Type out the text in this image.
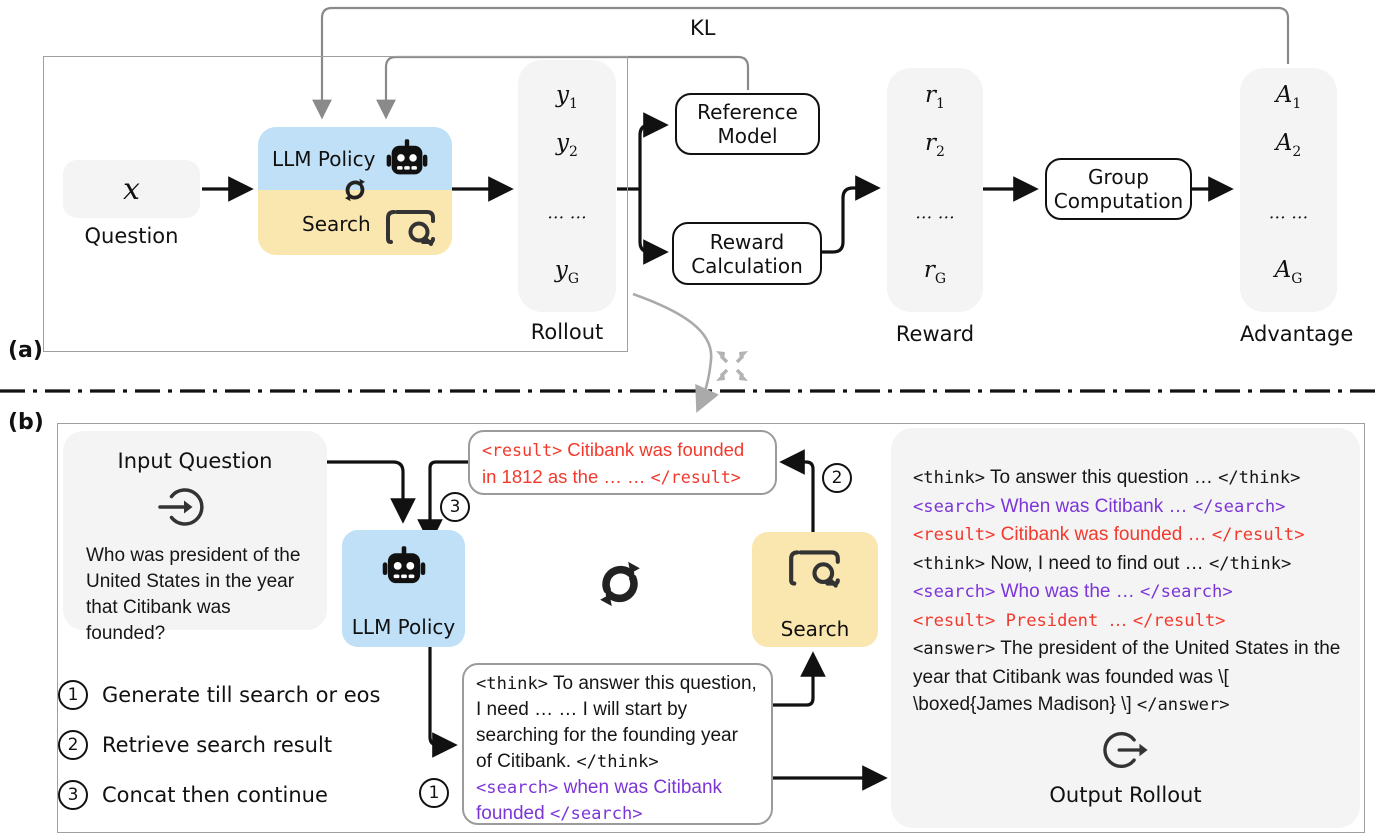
(a)
x
Question
LLM Policy
Search
$y_1$
$y_2$
… …
$y_G$
Rollout
KL
Reference
Model
Reward
Calculation
$r_1$
$r_2$
… …
$r_G$
Reward
Group
Computation
$A_1$
$A_2$
… …
$A_G$
Advantage
(b)
Input Question
Who was president of the United States in the year that Citibank was founded?
1	Generate till search or eos
2	Retrieve search result
3	Concat then continue
LLM Policy	Search
<result> Citibank was founded in 1812 as the … … </result>
<think> To answer this question, I need … … I will start by searching for the founding year of Citibank. </think>
<search> when was Citibank founded </search>
1
2
3
<think> To answer this question … </think>
<search> When was Citibank … </search>
<result> Citibank was founded … </result>
<think> Now, I need to find out … </think>
<search> Who was the … </search>
<result> President … </result>
<answer> The president of the United States in the year that Citibank was founded was \[ \boxed{James Madison} \] </answer>
Output Rollout
